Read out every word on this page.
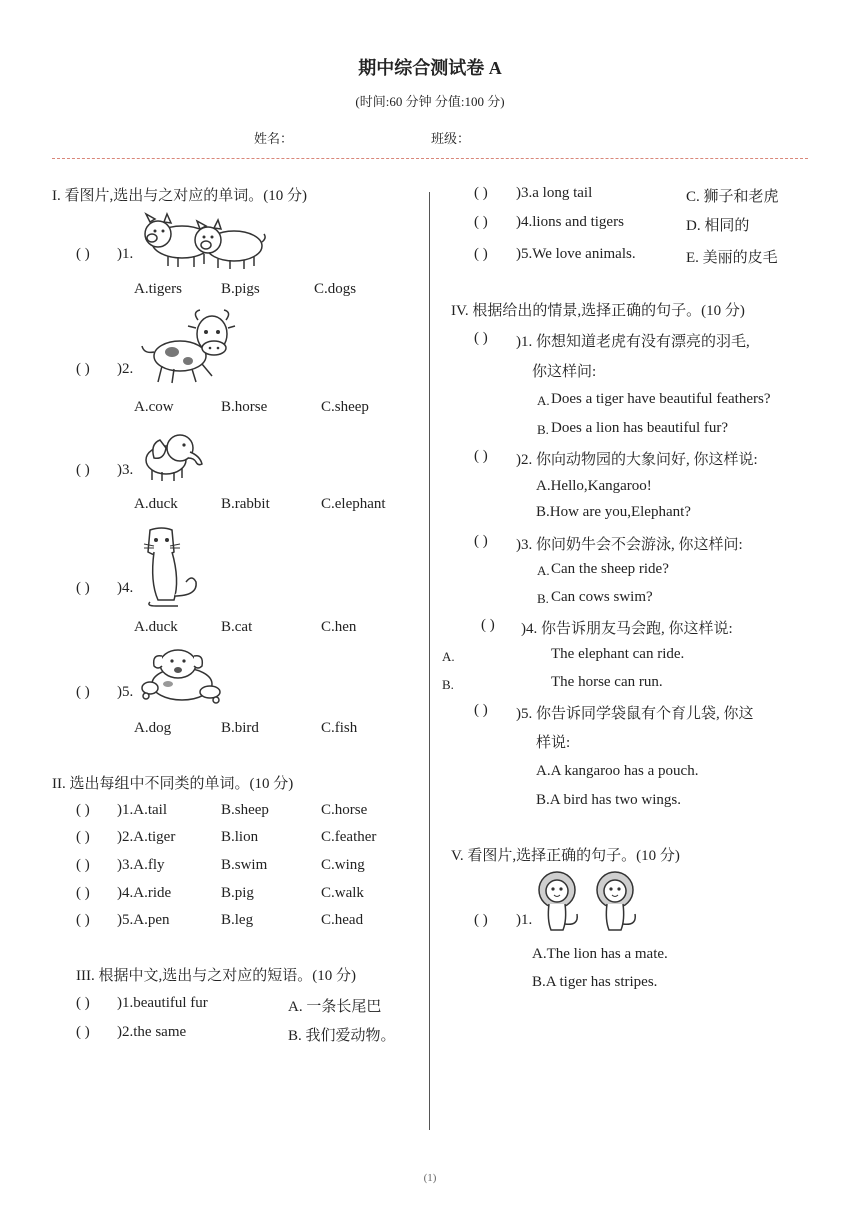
期中综合测试卷 A
(时间:60 分钟 分值:100 分)
姓名：	班级：
I. 看图片,选出与之对应的单词。(10 分)
( ) )1.
A.tigers	B.pigs	C.dogs
( ) )2.
A.cow	B.horse	C.sheep
( ) )3.
A.duck	B.rabbit	C.elephant
( ) )4.
A.duck	B.cat	C.hen
( ) )5.
A.dog	B.bird	C.fish
II. 选出每组中不同类的单词。(10 分)
( ) )1.A.tail	B.sheep	C.horse
( ) )2.A.tiger	B.lion	C.feather
( ) )3.A.fly	B.swim	C.wing
( ) )4.A.ride	B.pig	C.walk
( ) )5.A.pen	B.leg	C.head
III. 根据中文,选出与之对应的短语。(10 分)
( ) )1.beautiful fur	A. 一条长尾巴
( ) )2.the same	B. 我们爱动物。
( ) )3.a long tail	C. 狮子和老虎
( ) )4.lions and tigers	D. 相同的
( ) )5.We love animals.	E. 美丽的皮毛
IV. 根据给出的情景,选择正确的句子。(10 分)
( ) )1. 你想知道老虎有没有漂亮的羽毛,
你这样问:
A. Does a tiger have beautiful feathers?
B. Does a lion has beautiful fur?
( ) )2. 你向动物园的大象问好, 你这样说:
A.Hello,Kangaroo!
B.How are you,Elephant?
( ) )3. 你问奶牛会不会游泳, 你这样问:
A. Can the sheep ride?
B. Can cows swim?
( ) )4. 你告诉朋友马会跑, 你这样说:
A.	The elephant can ride.
B.	The horse can run.
( ) )5. 你告诉同学袋鼠有个育儿袋, 你这
样说:
A.A kangaroo has a pouch.
B.A bird has two wings.
V. 看图片,选择正确的句子。(10 分)
( ) )1.
A.The lion has a mate.
B.A tiger has stripes.
(1)
